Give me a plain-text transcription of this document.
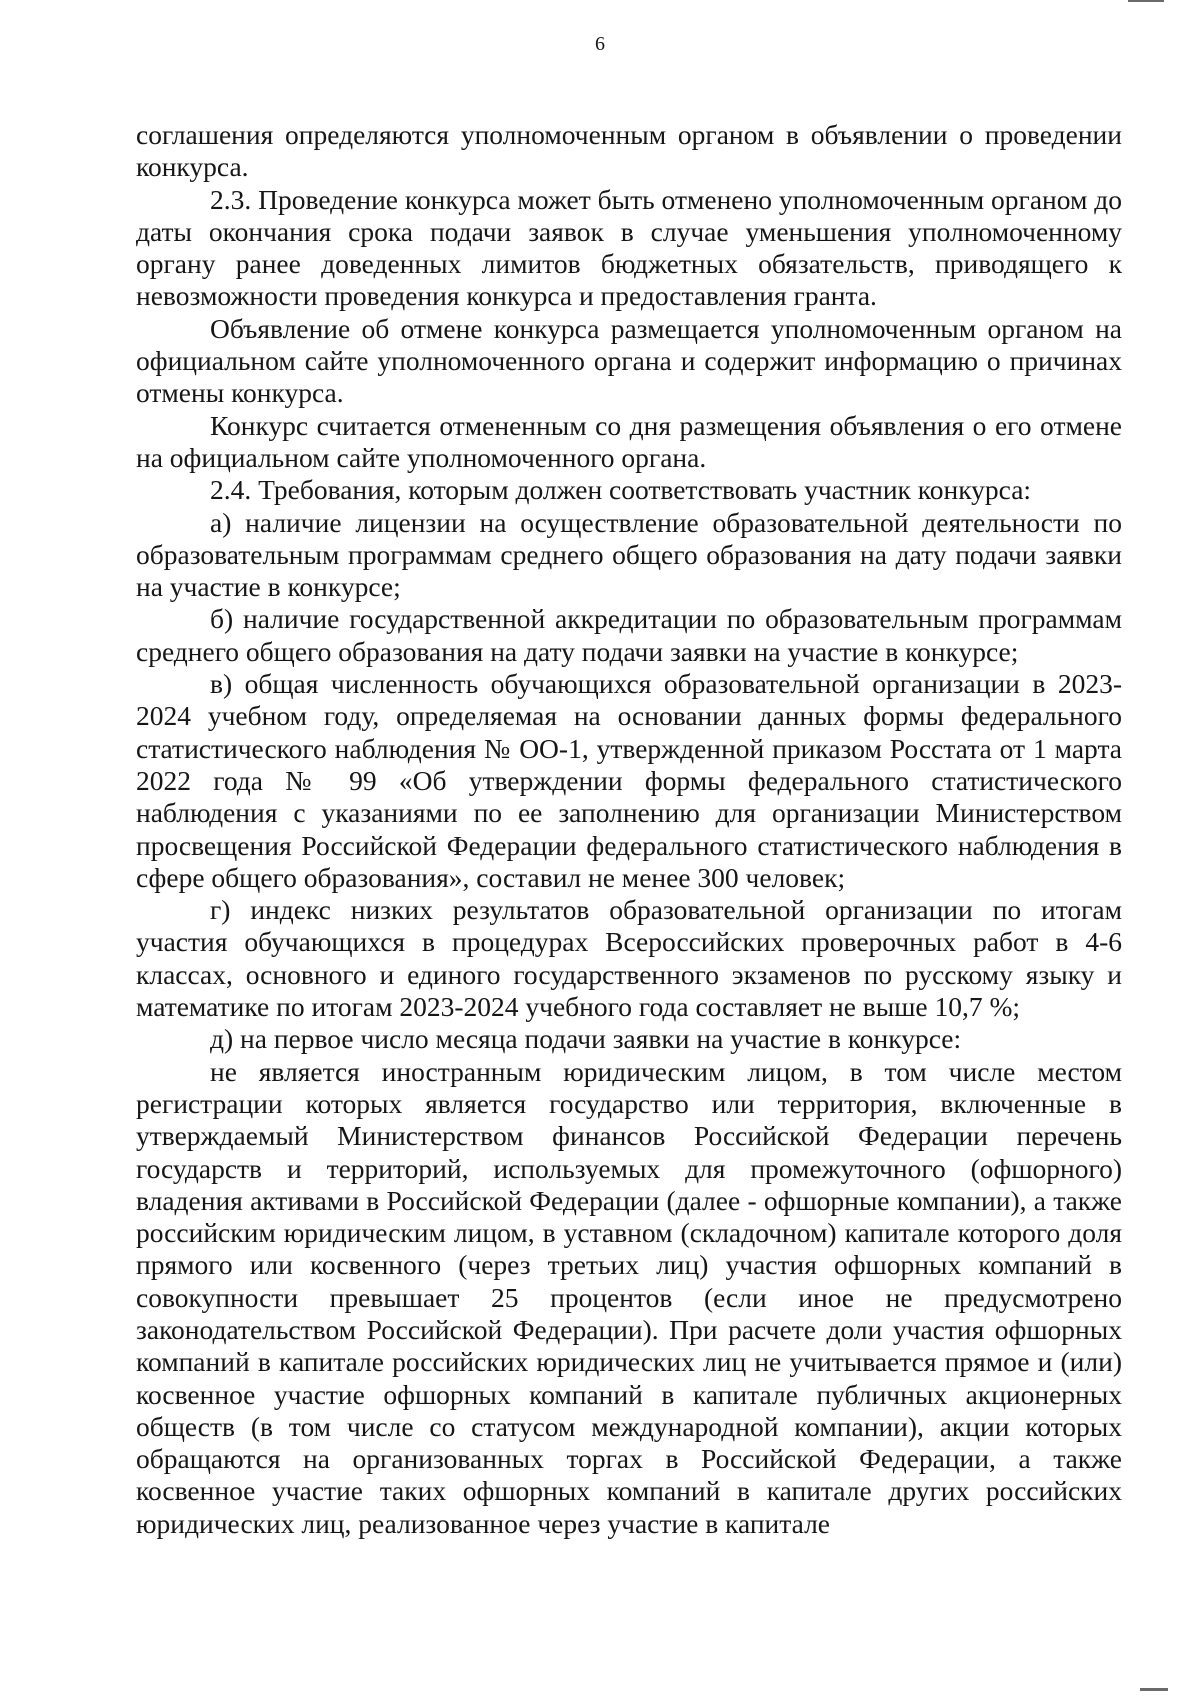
6

соглашения определяются уполномоченным органом в объявлении о проведении конкурса.

2.3. Проведение конкурса может быть отменено уполномоченным органом до даты окончания срока подачи заявок в случае уменьшения уполномоченному органу ранее доведенных лимитов бюджетных обязательств, приводящего к невозможности проведения конкурса и предоставления гранта.

Объявление об отмене конкурса размещается уполномоченным органом на официальном сайте уполномоченного органа и содержит информацию о причинах отмены конкурса.

Конкурс считается отмененным со дня размещения объявления о его отмене на официальном сайте уполномоченного органа.

2.4. Требования, которым должен соответствовать участник конкурса:

а) наличие лицензии на осуществление образовательной деятельности по образовательным программам среднего общего образования на дату подачи заявки на участие в конкурсе;

б) наличие государственной аккредитации по образовательным программам среднего общего образования на дату подачи заявки на участие в конкурсе;

в) общая численность обучающихся образовательной организации в 2023-2024 учебном году, определяемая на основании данных формы федерального статистического наблюдения № ОО-1, утвержденной приказом Росстата от 1 марта 2022 года № 99 «Об утверждении формы федерального статистического наблюдения с указаниями по ее заполнению для организации Министерством просвещения Российской Федерации федерального статистического наблюдения в сфере общего образования», составил не менее 300 человек;

г) индекс низких результатов образовательной организации по итогам участия обучающихся в процедурах Всероссийских проверочных работ в 4-6 классах, основного и единого государственного экзаменов по русскому языку и математике по итогам 2023-2024 учебного года составляет не выше 10,7 %;

д) на первое число месяца подачи заявки на участие в конкурсе:

не является иностранным юридическим лицом, в том числе местом регистрации которых является государство или территория, включенные в утверждаемый Министерством финансов Российской Федерации перечень государств и территорий, используемых для промежуточного (офшорного) владения активами в Российской Федерации (далее - офшорные компании), а также российским юридическим лицом, в уставном (складочном) капитале которого доля прямого или косвенного (через третьих лиц) участия офшорных компаний в совокупности превышает 25 процентов (если иное не предусмотрено законодательством Российской Федерации). При расчете доли участия офшорных компаний в капитале российских юридических лиц не учитывается прямое и (или) косвенное участие офшорных компаний в капитале публичных акционерных обществ (в том числе со статусом международной компании), акции которых обращаются на организованных торгах в Российской Федерации, а также косвенное участие таких офшорных компаний в капитале других российских юридических лиц, реализованное через участие в капитале
